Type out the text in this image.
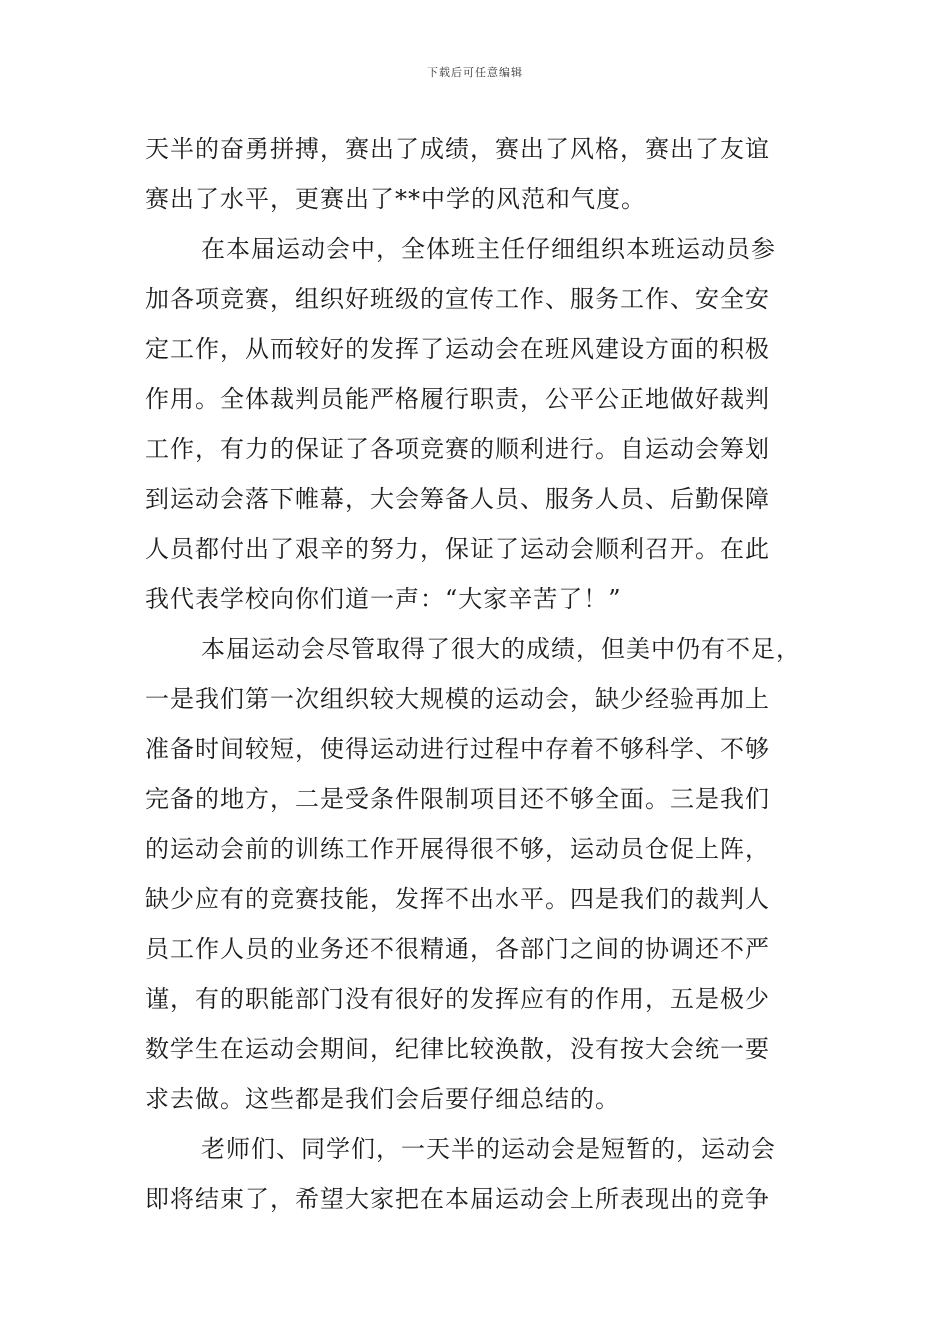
下载后可任意编辑
天半的奋勇拼搏，赛出了成绩，赛出了风格，赛出了友谊
赛出了水平，更赛出了**中学的风范和气度。
在本届运动会中，全体班主任仔细组织本班运动员参
加各项竞赛，组织好班级的宣传工作、服务工作、安全安
定工作，从而较好的发挥了运动会在班风建设方面的积极
作用。全体裁判员能严格履行职责，公平公正地做好裁判
工作，有力的保证了各项竞赛的顺利进行。自运动会筹划
到运动会落下帷幕，大会筹备人员、服务人员、后勤保障
人员都付出了艰辛的努力，保证了运动会顺利召开。在此
我代表学校向你们道一声：“大家辛苦了！”
本届运动会尽管取得了很大的成绩，但美中仍有不足，
一是我们第一次组织较大规模的运动会，缺少经验再加上
准备时间较短，使得运动进行过程中存着不够科学、不够
完备的地方，二是受条件限制项目还不够全面。三是我们
的运动会前的训练工作开展得很不够，运动员仓促上阵，
缺少应有的竞赛技能，发挥不出水平。四是我们的裁判人
员工作人员的业务还不很精通，各部门之间的协调还不严
谨，有的职能部门没有很好的发挥应有的作用，五是极少
数学生在运动会期间，纪律比较涣散，没有按大会统一要
求去做。这些都是我们会后要仔细总结的。
老师们、同学们，一天半的运动会是短暂的，运动会
即将结束了，希望大家把在本届运动会上所表现出的竞争
